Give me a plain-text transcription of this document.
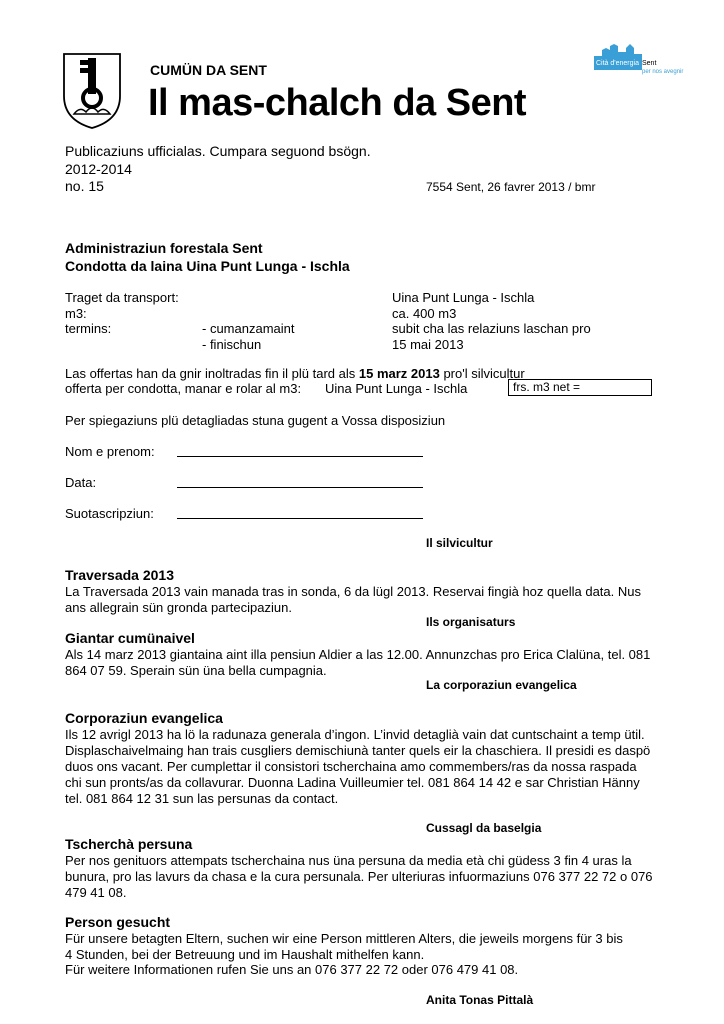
Cità d'energia Sent
per nos avegnir
CUMÜN DA SENT
Il mas-chalch da Sent
Publicaziuns ufficialas. Cumpara seguond bsögn.
2012-2014
no. 15	7554 Sent, 26 favrer 2013 / bmr
Administraziun forestala Sent
Condotta da laina Uina Punt Lunga - Ischla
Traget da transport:	Uina Punt Lunga - Ischla
m3:	ca. 400 m3
termins:	- cumanzamaint	subit cha las relaziuns laschan pro
- finischun	15 mai 2013
Las offertas han da gnir inoltradas fin il plü tard als 15 marz 2013 pro'l silvicultur
offerta per condotta, manar e rolar al m3: Uina Punt Lunga - Ischla	frs. m3 net =
Per spiegaziuns plü detagliadas stuna gugent a Vossa disposiziun
Nom e prenom:
Data:
Suotascripziun:
Il silvicultur
Traversada 2013
La Traversada 2013 vain manada tras in sonda, 6 da lügl 2013. Reservai fingià hoz quella data. Nus ans allegrain sün gronda partecipaziun.
Ils organisaturs
Giantar cumünaivel
Als 14 marz 2013 giantaina aint illa pensiun Aldier a las 12.00. Annunzchas pro Erica Clalüna, tel. 081 864 07 59. Sperain sün üna bella cumpagnia.
La corporaziun evangelica
Corporaziun evangelica
Ils 12 avrigl 2013 ha lö la radunaza generala d’ingon. L’invid detaglià vain dat cuntschaint a temp ütil. Displaschaivelmaing han trais cusgliers demischiunà tanter quels eir la chaschiera. Il presidi es daspö duos ons vacant. Per cumplettar il consistori tscherchaina amo commembers/ras da nossa raspada chi sun pronts/as da collavurar. Duonna Ladina Vuilleumier tel. 081 864 14 42 e sar Christian Hänny tel. 081 864 12 31 sun las persunas da contact.
Cussagl da baselgia
Tscherchà persuna
Per nos genituors attempats tscherchaina nus üna persuna da media età chi güdess 3 fin 4 uras la bunura, pro las lavurs da chasa e la cura persunala. Per ulteriuras infuormaziuns 076 377 22 72 o 076 479 41 08.
Person gesucht
Für unsere betagten Eltern, suchen wir eine Person mittleren Alters, die jeweils morgens für 3 bis
4 Stunden, bei der Betreuung und im Haushalt mithelfen kann.
Für weitere Informationen rufen Sie uns an 076 377 22 72 oder 076 479 41 08.
Anita Tonas Pittalà
